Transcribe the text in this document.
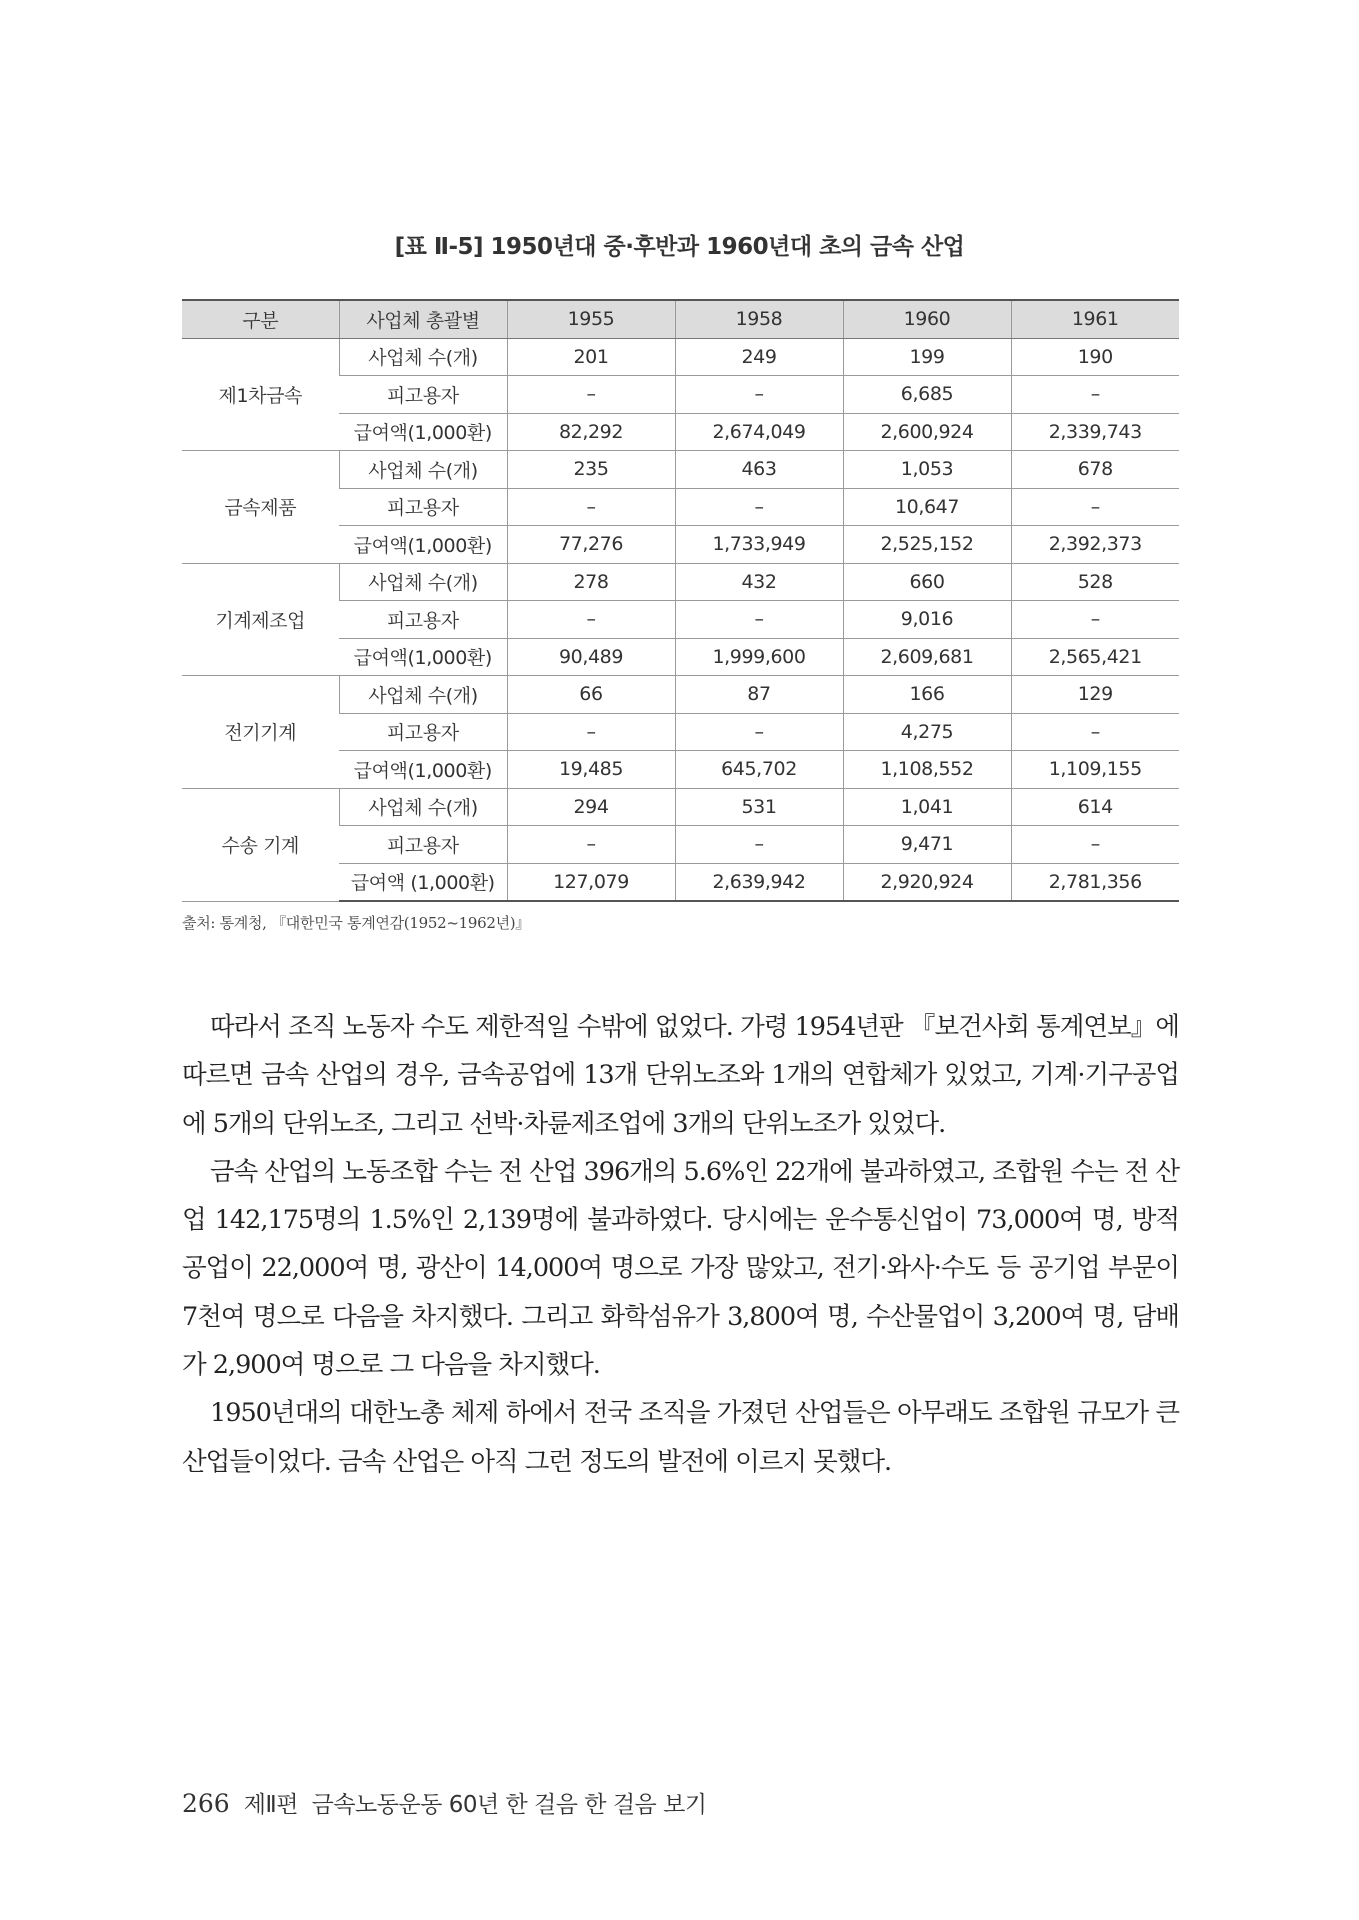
[표 Ⅱ-5] 1950년대 중·후반과 1960년대 초의 금속 산업
구분	사업체 총괄별	1955	1958	1960	1961
제1차금속	사업체 수(개)	201	249	199	190
	피고용자	–	–	6,685	–
	급여액(1,000환)	82,292	2,674,049	2,600,924	2,339,743
금속제품	사업체 수(개)	235	463	1,053	678
	피고용자	–	–	10,647	–
	급여액(1,000환)	77,276	1,733,949	2,525,152	2,392,373
기계제조업	사업체 수(개)	278	432	660	528
	피고용자	–	–	9,016	–
	급여액(1,000환)	90,489	1,999,600	2,609,681	2,565,421
전기기계	사업체 수(개)	66	87	166	129
	피고용자	–	–	4,275	–
	급여액(1,000환)	19,485	645,702	1,108,552	1,109,155
수송 기계	사업체 수(개)	294	531	1,041	614
	피고용자	–	–	9,471	–
	급여액 (1,000환)	127,079	2,639,942	2,920,924	2,781,356
출처: 통계청, 『대한민국 통계연감(1952~1962년)』

따라서 조직 노동자 수도 제한적일 수밖에 없었다. 가령 1954년판 『보건사회 통계연보』에 따르면 금속 산업의 경우, 금속공업에 13개 단위노조와 1개의 연합체가 있었고, 기계·기구공업에 5개의 단위노조, 그리고 선박·차륜제조업에 3개의 단위노조가 있었다.

금속 산업의 노동조합 수는 전 산업 396개의 5.6%인 22개에 불과하였고, 조합원 수는 전 산업 142,175명의 1.5%인 2,139명에 불과하였다. 당시에는 운수통신업이 73,000여 명, 방적공업이 22,000여 명, 광산이 14,000여 명으로 가장 많았고, 전기·와사·수도 등 공기업 부문이 7천여 명으로 다음을 차지했다. 그리고 화학섬유가 3,800여 명, 수산물업이 3,200여 명, 담배가 2,900여 명으로 그 다음을 차지했다.

1950년대의 대한노총 체제 하에서 전국 조직을 가졌던 산업들은 아무래도 조합원 규모가 큰 산업들이었다. 금속 산업은 아직 그런 정도의 발전에 이르지 못했다.

266 제Ⅱ편  금속노동운동 60년 한 걸음 한 걸음 보기
